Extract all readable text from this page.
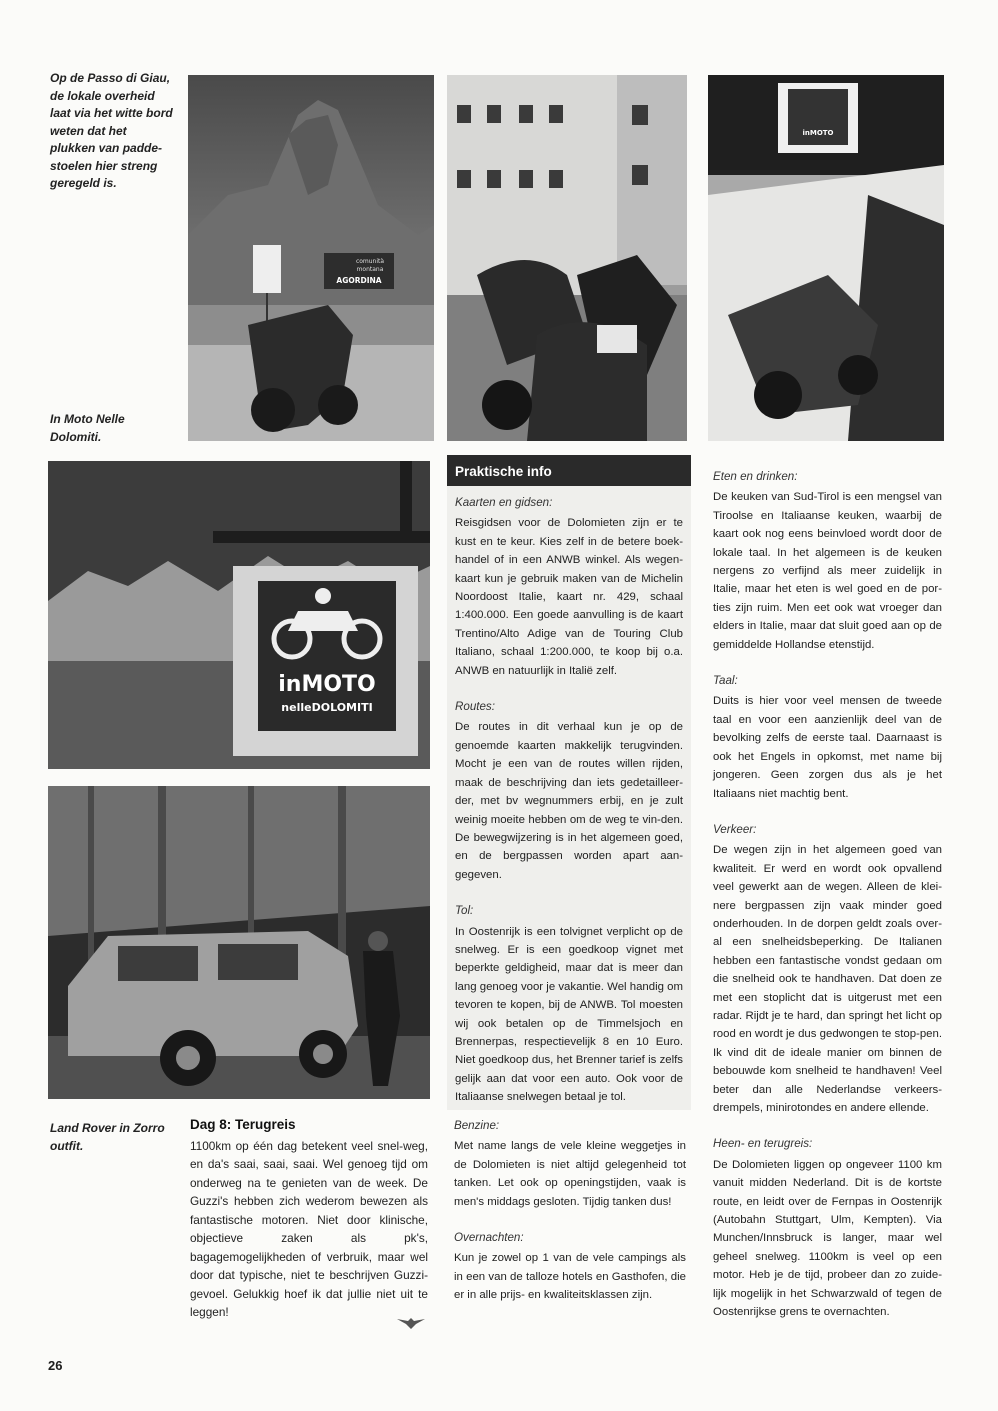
Op de Passo di Giau, de lokale overheid laat via het witte bord weten dat het plukken van padde-stoelen hier streng geregeld is.
In Moto Nelle Dolomiti.
Land Rover in Zorro outfit.
comunità
montana
AGORDINA
inMOTO
inMOTO
nelleDOLOMITI
Praktische info
Kaarten en gidsen:

Reisgidsen voor de Dolomieten zijn er te kust en te keur. Kies zelf in de betere boek-handel of in een ANWB winkel. Als wegen-kaart kun je gebruik maken van de Michelin Noordoost Italie, kaart nr. 429, schaal 1:400.000. Een goede aanvulling is de kaart Trentino/Alto Adige van de Touring Club Italiano, schaal 1:200.000, te koop bij o.a. ANWB en natuurlijk in Italië zelf.

Routes:

De routes in dit verhaal kun je op de genoemde kaarten makkelijk terugvinden. Mocht je een van de routes willen rijden, maak de beschrijving dan iets gedetailleer-der, met bv wegnummers erbij, en je zult weinig moeite hebben om de weg te vin-den. De bewegwijzering is in het algemeen goed, en de bergpassen worden apart aan-gegeven.

Tol:

In Oostenrijk is een tolvignet verplicht op de snelweg. Er is een goedkoop vignet met beperkte geldigheid, maar dat is meer dan lang genoeg voor je vakantie. Wel handig om tevoren te kopen, bij de ANWB. Tol moesten wij ook betalen op de Timmelsjoch en Brennerpas, respectievelijk 8 en 10 Euro. Niet goedkoop dus, het Brenner tarief is zelfs gelijk aan dat voor een auto. Ook voor de Italiaanse snelwegen betaal je tol.

Benzine:

Met name langs de vele kleine weggetjes in de Dolomieten is niet altijd gelegenheid tot tanken. Let ook op openingstijden, vaak is men's middags gesloten. Tijdig tanken dus!

Overnachten:

Kun je zowel op 1 van de vele campings als in een van de talloze hotels en Gasthofen, die er in alle prijs- en kwaliteitsklassen zijn.

Eten en drinken:

De keuken van Sud-Tirol is een mengsel van Tiroolse en Italiaanse keuken, waarbij de kaart ook nog eens beinvloed wordt door de lokale taal. In het algemeen is de keuken nergens zo verfijnd als meer zuidelijk in Italie, maar het eten is wel goed en de por-ties zijn ruim. Men eet ook wat vroeger dan elders in Italie, maar dat sluit goed aan op de gemiddelde Hollandse etenstijd.

Taal:

Duits is hier voor veel mensen de tweede taal en voor een aanzienlijk deel van de bevolking zelfs de eerste taal. Daarnaast is ook het Engels in opkomst, met name bij jongeren. Geen zorgen dus als je het Italiaans niet machtig bent.

Verkeer:

De wegen zijn in het algemeen goed van kwaliteit. Er werd en wordt ook opvallend veel gewerkt aan de wegen. Alleen de klei-nere bergpassen zijn vaak minder goed onderhouden. In de dorpen geldt zoals over-al een snelheidsbeperking. De Italianen hebben een fantastische vondst gedaan om die snelheid ook te handhaven. Dat doen ze met een stoplicht dat is uitgerust met een radar. Rijdt je te hard, dan springt het licht op rood en wordt je dus gedwongen te stop-pen. Ik vind dit de ideale manier om binnen de bebouwde kom snelheid te handhaven! Veel beter dan alle Nederlandse verkeers-drempels, minirotondes en andere ellende.

Heen- en terugreis:

De Dolomieten liggen op ongeveer 1100 km vanuit midden Nederland. Dit is de kortste route, en leidt over de Fernpas in Oostenrijk (Autobahn Stuttgart, Ulm, Kempten). Via Munchen/Innsbruck is langer, maar wel geheel snelweg. 1100km is veel op een motor. Heb je de tijd, probeer dan zo zuide-lijk mogelijk in het Schwarzwald of tegen de Oostenrijkse grens te overnachten.

Dag 8: Terugreis

1100km op één dag betekent veel snel-weg, en da's saai, saai, saai. Wel genoeg tijd om onderweg na te genieten van de week. De Guzzi's hebben zich wederom bewezen als fantastische motoren. Niet door klinische, objectieve zaken als pk's, bagagemogelijkheden of verbruik, maar wel door dat typische, niet te beschrijven Guzzi-gevoel. Gelukkig hoef ik dat jullie niet uit te leggen!

26
